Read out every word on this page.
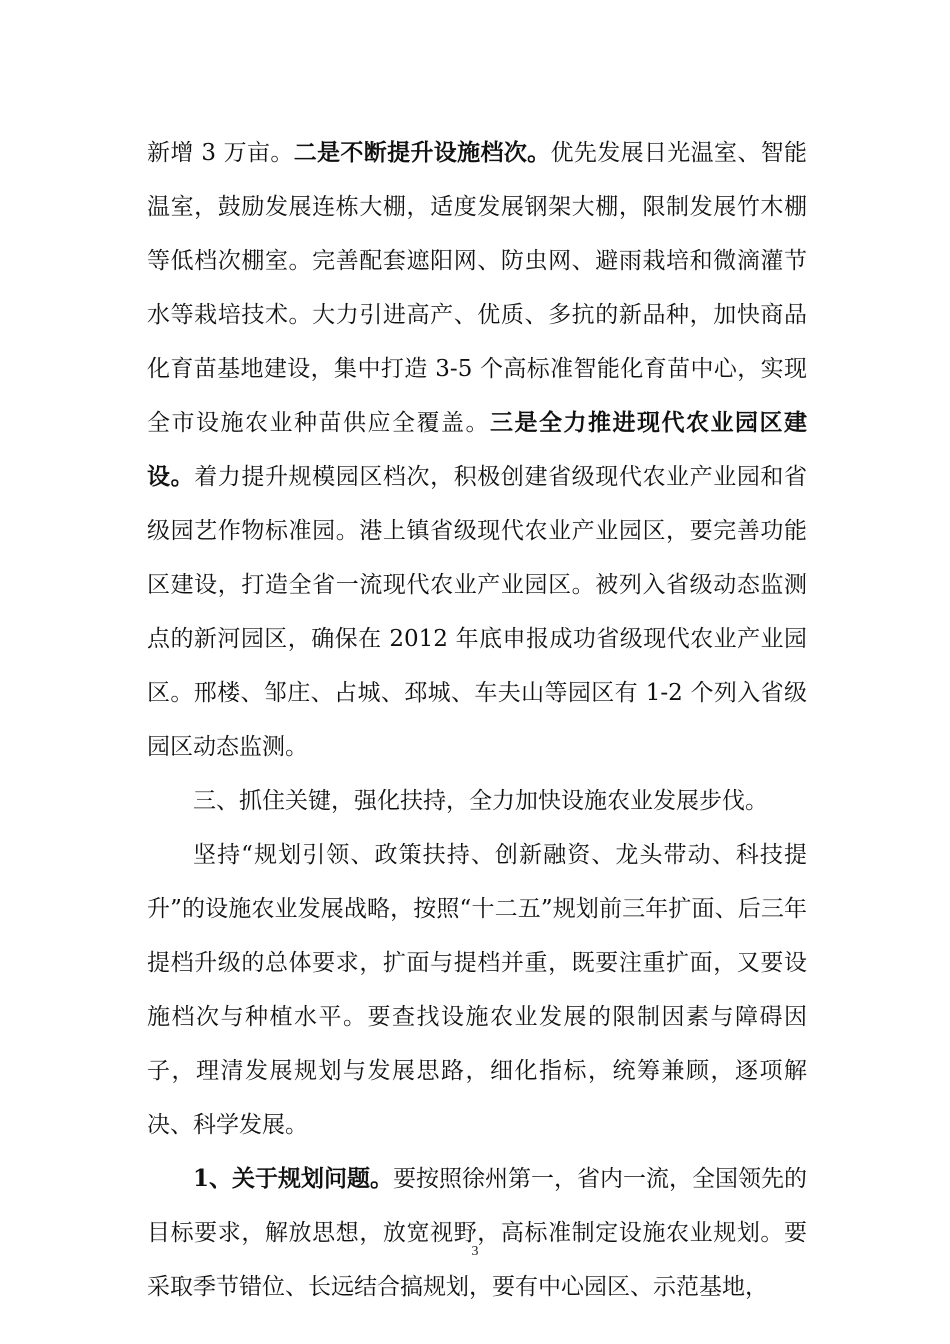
新增 3 万亩。二是不断提升设施档次。优先发展日光温室、智能温室，鼓励发展连栋大棚，适度发展钢架大棚，限制发展竹木棚等低档次棚室。完善配套遮阳网、防虫网、避雨栽培和微滴灌节水等栽培技术。大力引进高产、优质、多抗的新品种，加快商品化育苗基地建设，集中打造 3-5 个高标准智能化育苗中心，实现全市设施农业种苗供应全覆盖。三是全力推进现代农业园区建设。着力提升规模园区档次，积极创建省级现代农业产业园和省级园艺作物标准园。港上镇省级现代农业产业园区，要完善功能区建设，打造全省一流现代农业产业园区。被列入省级动态监测点的新河园区，确保在 2012 年底申报成功省级现代农业产业园区。邢楼、邹庄、占城、邳城、车夫山等园区有 1-2 个列入省级园区动态监测。

三、抓住关键，强化扶持，全力加快设施农业发展步伐。

坚持“规划引领、政策扶持、创新融资、龙头带动、科技提升”的设施农业发展战略，按照“十二五”规划前三年扩面、后三年提档升级的总体要求，扩面与提档并重，既要注重扩面，又要设施档次与种植水平。要查找设施农业发展的限制因素与障碍因子，理清发展规划与发展思路，细化指标，统筹兼顾，逐项解决、科学发展。

1、关于规划问题。要按照徐州第一，省内一流，全国领先的目标要求，解放思想，放宽视野，高标准制定设施农业规划。要采取季节错位、长远结合搞规划，要有中心园区、示范基地，

3
